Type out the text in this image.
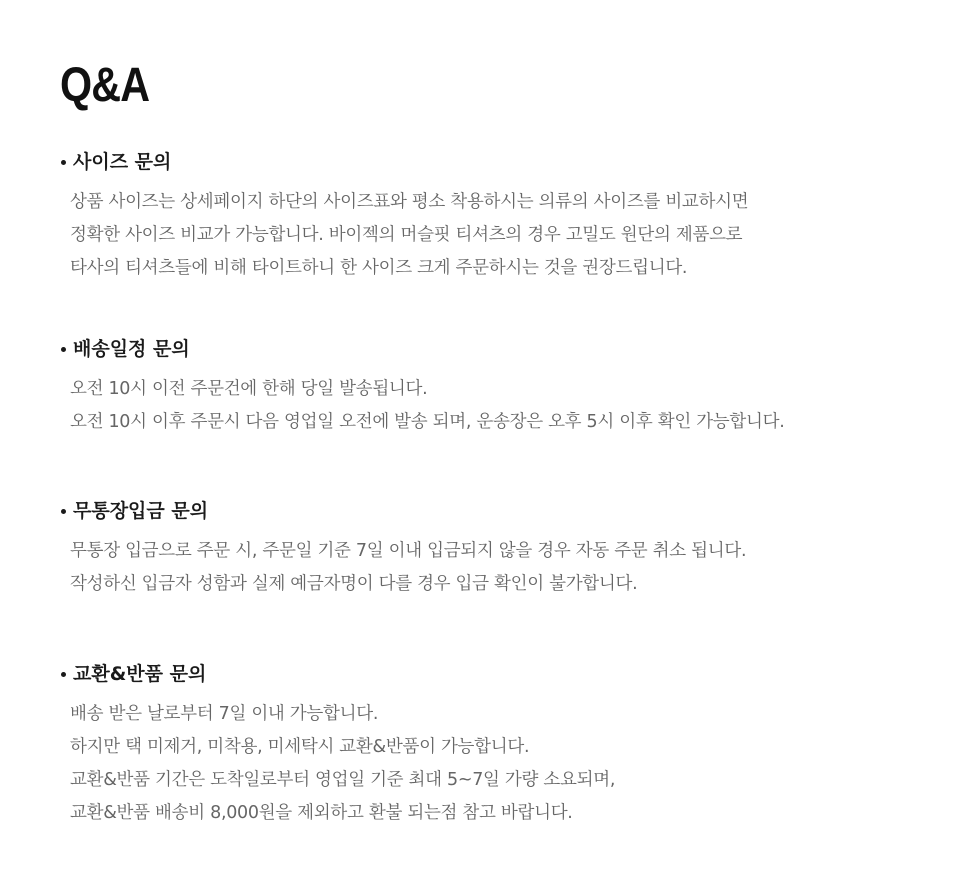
Q&A
사이즈 문의
상품 사이즈는 상세페이지 하단의 사이즈표와 평소 착용하시는 의류의 사이즈를 비교하시면
정확한 사이즈 비교가 가능합니다. 바이젝의 머슬핏 티셔츠의 경우 고밀도 원단의 제품으로
타사의 티셔츠들에 비해 타이트하니 한 사이즈 크게 주문하시는 것을 권장드립니다.
배송일정 문의
오전 10시 이전 주문건에 한해 당일 발송됩니다.
오전 10시 이후 주문시 다음 영업일 오전에 발송 되며, 운송장은 오후 5시 이후 확인 가능합니다.
무통장입금 문의
무통장 입금으로 주문 시, 주문일 기준 7일 이내 입금되지 않을 경우 자동 주문 취소 됩니다.
작성하신 입금자 성함과 실제 예금자명이 다를 경우 입금 확인이 불가합니다.
교환&반품 문의
배송 받은 날로부터 7일 이내 가능합니다.
하지만 택 미제거, 미착용, 미세탁시 교환&반품이 가능합니다.
교환&반품 기간은 도착일로부터 영업일 기준 최대 5~7일 가량 소요되며,
교환&반품 배송비 8,000원을 제외하고 환불 되는점 참고 바랍니다.
